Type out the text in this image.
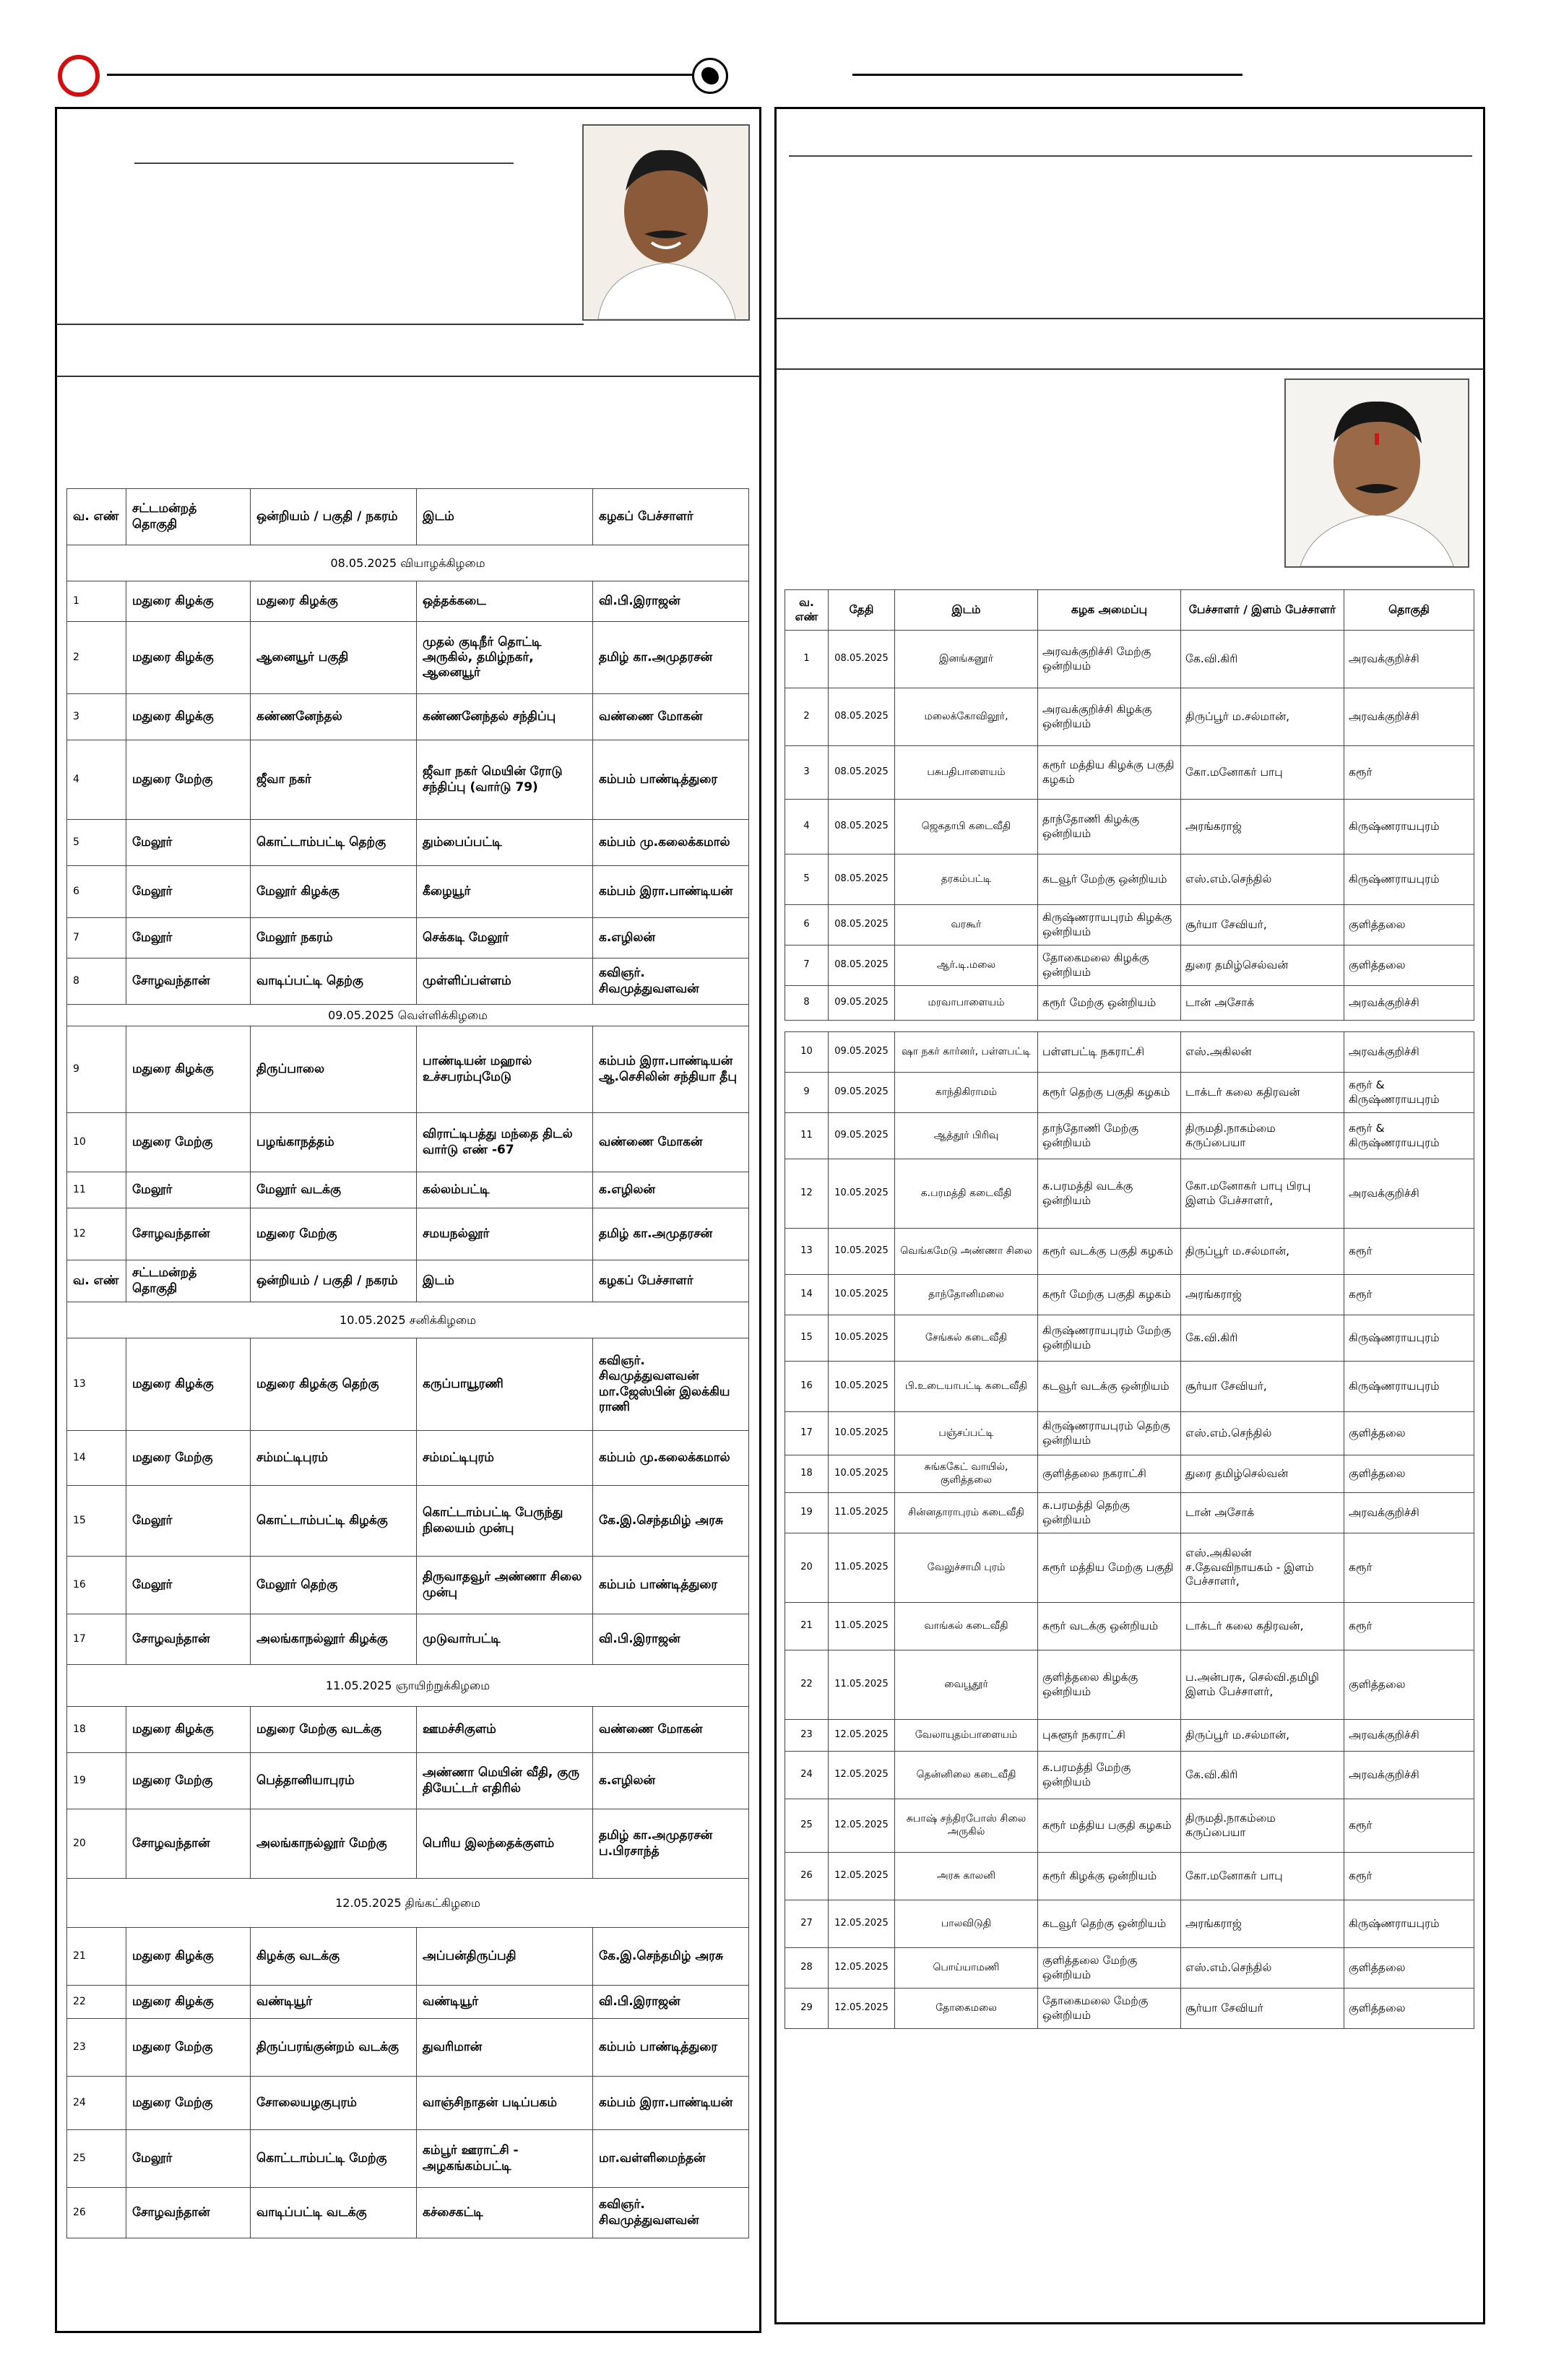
வ. எண்	சட்டமன்றத் தொகுதி	ஒன்றியம் / பகுதி / நகரம்	இடம்	கழகப் பேச்சாளர்
08.05.2025 வியாழக்கிழமை				
1	மதுரை கிழக்கு	மதுரை கிழக்கு	ஒத்தக்கடை	வி.பி.இராஜன்
2	மதுரை கிழக்கு	ஆனையூர் பகுதி	முதல் குடிநீர் தொட்டி அருகில், தமிழ்நகர், ஆனையூர்	தமிழ் கா.அமுதரசன்
3	மதுரை கிழக்கு	கண்ணனேந்தல்	கண்ணனேந்தல் சந்திப்பு	வண்ணை மோகன்
4	மதுரை மேற்கு	ஜீவா நகர்	ஜீவா நகர் மெயின் ரோடு சந்திப்பு (வார்டு 79)	கம்பம் பாண்டித்துரை
5	மேலூர்	கொட்டாம்பட்டி தெற்கு	தும்பைப்பட்டி	கம்பம் மு.கலைக்கமால்
6	மேலூர்	மேலூர் கிழக்கு	கீழையூர்	கம்பம் இரா.பாண்டியன்
7	மேலூர்	மேலூர் நகரம்	செக்கடி மேலூர்	க.எழிலன்
8	சோழவந்தான்	வாடிப்பட்டி தெற்கு	முள்ளிப்பள்ளம்	கவிஞர். சிவமுத்துவளவன்
09.05.2025 வெள்ளிக்கிழமை				
9	மதுரை கிழக்கு	திருப்பாலை	பாண்டியன் மஹால் உச்சபரம்புமேடு	கம்பம் இரா.பாண்டியன் ஆ.செசிலின் சந்தியா தீபு
10	மதுரை மேற்கு	பழங்காநத்தம்	விராட்டிபத்து மந்தை திடல் வார்டு எண் -67	வண்ணை மோகன்
11	மேலூர்	மேலூர் வடக்கு	கல்லம்பட்டி	க.எழிலன்
12	சோழவந்தான்	மதுரை மேற்கு	சமயநல்லூர்	தமிழ் கா.அமுதரசன்
வ. எண்	சட்டமன்றத் தொகுதி	ஒன்றியம் / பகுதி / நகரம்	இடம்	கழகப் பேச்சாளர்
10.05.2025 சனிக்கிழமை				
13	மதுரை கிழக்கு	மதுரை கிழக்கு தெற்கு	கருப்பாயூரணி	கவிஞர். சிவமுத்துவளவன் மா.ஜேஸ்பின் இலக்கிய ராணி
14	மதுரை மேற்கு	சம்மட்டிபுரம்	சம்மட்டிபுரம்	கம்பம் மு.கலைக்கமால்
15	மேலூர்	கொட்டாம்பட்டி கிழக்கு	கொட்டாம்பட்டி பேருந்து நிலையம் முன்பு	கே.இ.செந்தமிழ் அரசு
16	மேலூர்	மேலூர் தெற்கு	திருவாதவூர் அண்ணா சிலை முன்பு	கம்பம் பாண்டித்துரை
17	சோழவந்தான்	அலங்காநல்லூர் கிழக்கு	முடுவார்பட்டி	வி.பி.இராஜன்
11.05.2025 ஞாயிற்றுக்கிழமை				
18	மதுரை கிழக்கு	மதுரை மேற்கு வடக்கு	ஊமச்சிகுளம்	வண்ணை மோகன்
19	மதுரை மேற்கு	பெத்தானியாபுரம்	அண்ணா மெயின் வீதி, குரு தியேட்டர் எதிரில்	க.எழிலன்
20	சோழவந்தான்	அலங்காநல்லூர் மேற்கு	பெரிய இலந்தைக்குளம்	தமிழ் கா.அமுதரசன் ப.பிரசாந்த்
12.05.2025 திங்கட்கிழமை				
21	மதுரை கிழக்கு	கிழக்கு வடக்கு	அப்பன்திருப்பதி	கே.இ.செந்தமிழ் அரசு
22	மதுரை கிழக்கு	வண்டியூர்	வண்டியூர்	வி.பி.இராஜன்
23	மதுரை மேற்கு	திருப்பரங்குன்றம் வடக்கு	துவரிமான்	கம்பம் பாண்டித்துரை
24	மதுரை மேற்கு	சோலையழகுபுரம்	வாஞ்சிநாதன் படிப்பகம்	கம்பம் இரா.பாண்டியன்
25	மேலூர்	கொட்டாம்பட்டி மேற்கு	கம்பூர் ஊராட்சி - அழகங்கம்பட்டி	மா.வள்ளிமைந்தன்
26	சோழவந்தான்	வாடிப்பட்டி வடக்கு	கச்சைகட்டி	கவிஞர். சிவமுத்துவளவன்
வ. எண்	தேதி	இடம்	கழக அமைப்பு	பேச்சாளர் / இளம் பேச்சாளர்	தொகுதி
1	08.05.2025	இனங்கனூர்	அரவக்குறிச்சி மேற்கு ஒன்றியம்	கே.வி.கிரி	அரவக்குறிச்சி
2	08.05.2025	மலைக்கோவிலூர்,	அரவக்குறிச்சி கிழக்கு ஒன்றியம்	திருப்பூர் ம.சல்மான்,	அரவக்குறிச்சி
3	08.05.2025	பசுபதிபாளையம்	கரூர் மத்திய கிழக்கு பகுதி கழகம்	கோ.மனோகர் பாபு	கரூர்
4	08.05.2025	ஜெகதாபி கடைவீதி	தாந்தோணி கிழக்கு ஒன்றியம்	அரங்கராஜ்	கிருஷ்ணராயபுரம்
5	08.05.2025	தரகம்பட்டி	கடவூர் மேற்கு ஒன்றியம்	எஸ்.எம்.செந்தில்	கிருஷ்ணராயபுரம்
6	08.05.2025	வரகூர்	கிருஷ்ணராயபுரம் கிழக்கு ஒன்றியம்	சூர்யா சேவியர்,	குளித்தலை
7	08.05.2025	ஆர்.டி.மலை	தோகைமலை கிழக்கு ஒன்றியம்	துரை தமிழ்செல்வன்	குளித்தலை
8	09.05.2025	மரவாபாளையம்	கரூர் மேற்கு ஒன்றியம்	டான் அசோக்	அரவக்குறிச்சி

10	09.05.2025	ஷா நகர் கார்னர், பள்ளபட்டி	பள்ளபட்டி நகராட்சி	எஸ்.அகிலன்	அரவக்குறிச்சி
9	09.05.2025	காந்திகிராமம்	கரூர் தெற்கு பகுதி கழகம்	டாக்டர் கலை கதிரவன்	கரூர் & கிருஷ்ணராயபுரம்
11	09.05.2025	ஆத்தூர் பிரிவு	தாந்தோணி மேற்கு ஒன்றியம்	திருமதி.நாகம்மை கருப்பையா	கரூர் & கிருஷ்ணராயபுரம்
12	10.05.2025	க.பரமத்தி கடைவீதி	க.பரமத்தி வடக்கு ஒன்றியம்	கோ.மனோகர் பாபு பிரபு இளம் பேச்சாளர்,	அரவக்குறிச்சி
13	10.05.2025	வெங்கமேடு அண்ணா சிலை	கரூர் வடக்கு பகுதி கழகம்	திருப்பூர் ம.சல்மான்,	கரூர்
14	10.05.2025	தாந்தோனிமலை	கரூர் மேற்கு பகுதி கழகம்	அரங்கராஜ்	கரூர்
15	10.05.2025	சேங்கல் கடைவீதி	கிருஷ்ணராயபுரம் மேற்கு ஒன்றியம்	கே.வி.கிரி	கிருஷ்ணராயபுரம்
16	10.05.2025	பி.உடையாபட்டி கடைவீதி	கடவூர் வடக்கு ஒன்றியம்	சூர்யா சேவியர்,	கிருஷ்ணராயபுரம்
17	10.05.2025	பஞ்சப்பட்டி	கிருஷ்ணராயபுரம் தெற்கு ஒன்றியம்	எஸ்.எம்.செந்தில்	குளித்தலை
18	10.05.2025	சுங்ககேட் வாயில், குளித்தலை	குளித்தலை நகராட்சி	துரை தமிழ்செல்வன்	குளித்தலை
19	11.05.2025	சின்னதாராபுரம் கடைவீதி	க.பரமத்தி தெற்கு ஒன்றியம்	டான் அசோக்	அரவக்குறிச்சி
20	11.05.2025	வேலுச்சாமி புரம்	கரூர் மத்திய மேற்கு பகுதி	எஸ்.அகிலன் ச.தேவவிநாயகம் - இளம் பேச்சாளர்,	கரூர்
21	11.05.2025	வாங்கல் கடைவீதி	கரூர் வடக்கு ஒன்றியம்	டாக்டர் கலை கதிரவன்,	கரூர்
22	11.05.2025	வைபூதூர்	குளித்தலை கிழக்கு ஒன்றியம்	ப.அன்பரசு, செல்வி.தமிழி இளம் பேச்சாளர்,	குளித்தலை
23	12.05.2025	வேலாயுதம்பாளையம்	புகளூர் நகராட்சி	திருப்பூர் ம.சல்மான்,	அரவக்குறிச்சி
24	12.05.2025	தென்னிலை கடைவீதி	க.பரமத்தி மேற்கு ஒன்றியம்	கே.வி.கிரி	அரவக்குறிச்சி
25	12.05.2025	சுபாஷ் சந்திரபோஸ் சிலை அருகில்	கரூர் மத்திய பகுதி கழகம்	திருமதி.நாகம்மை கருப்பையா	கரூர்
26	12.05.2025	அரசு காலனி	கரூர் கிழக்கு ஒன்றியம்	கோ.மனோகர் பாபு	கரூர்
27	12.05.2025	பாலவிடுதி	கடவூர் தெற்கு ஒன்றியம்	அரங்கராஜ்	கிருஷ்ணராயபுரம்
28	12.05.2025	பொய்யாமணி	குளித்தலை மேற்கு ஒன்றியம்	எஸ்.எம்.செந்தில்	குளித்தலை
29	12.05.2025	தோகைமலை	தோகைமலை மேற்கு ஒன்றியம்	சூர்யா சேவியர்	குளித்தலை
